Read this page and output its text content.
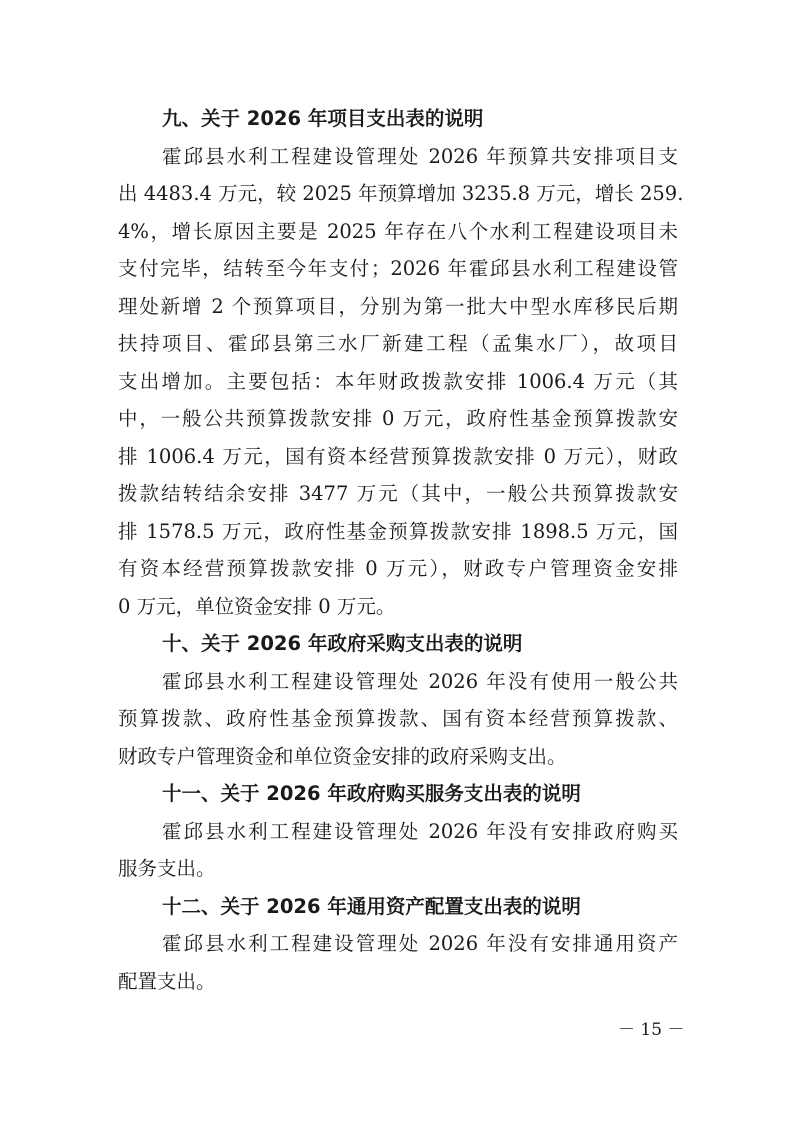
九、关于 2026 年项目支出表的说明
霍邱县水利工程建设管理处 2026 年预算共安排项目支
出 4483.4 万元，较 2025 年预算增加 3235.8 万元，增长 259.
4%，增长原因主要是 2025 年存在八个水利工程建设项目未
支付完毕，结转至今年支付；2026 年霍邱县水利工程建设管
理处新增 2 个预算项目，分别为第一批大中型水库移民后期
扶持项目、霍邱县第三水厂新建工程（孟集水厂），故项目
支出增加。主要包括：本年财政拨款安排 1006.4 万元（其
中，一般公共预算拨款安排 0 万元，政府性基金预算拨款安
排 1006.4 万元，国有资本经营预算拨款安排 0 万元），财政
拨款结转结余安排 3477 万元（其中，一般公共预算拨款安
排 1578.5 万元，政府性基金预算拨款安排 1898.5 万元，国
有资本经营预算拨款安排 0 万元），财政专户管理资金安排
0 万元，单位资金安排 0 万元。
十、关于 2026 年政府采购支出表的说明
霍邱县水利工程建设管理处 2026 年没有使用一般公共
预算拨款、政府性基金预算拨款、国有资本经营预算拨款、
财政专户管理资金和单位资金安排的政府采购支出。
十一、关于 2026 年政府购买服务支出表的说明
霍邱县水利工程建设管理处 2026 年没有安排政府购买
服务支出。
十二、关于 2026 年通用资产配置支出表的说明
霍邱县水利工程建设管理处 2026 年没有安排通用资产
配置支出。
－ 15 －
